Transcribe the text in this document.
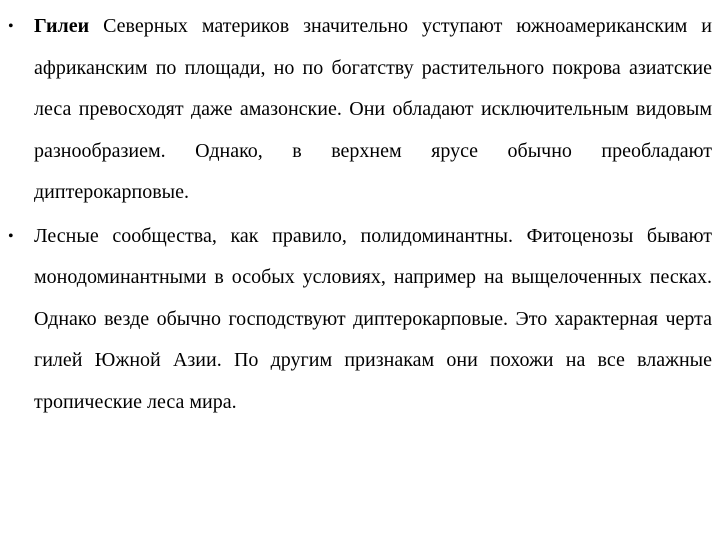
• Гилеи Северных материков значительно уступают южноамериканским и африканским по площади, но по богатству растительного покрова азиатские леса превосходят даже амазонские. Они обладают исключительным видовым разнообразием. Однако, в верхнем ярусе обычно преобладают диптерокарповые.
• Лесные сообщества, как правило, полидоминантны. Фитоценозы бывают монодоминантными в особых условиях, например на выщелоченных песках. Однако везде обычно господствуют диптерокарповые. Это характерная черта гилей Южной Азии. По другим признакам они похожи на все влажные тропические леса мира.
